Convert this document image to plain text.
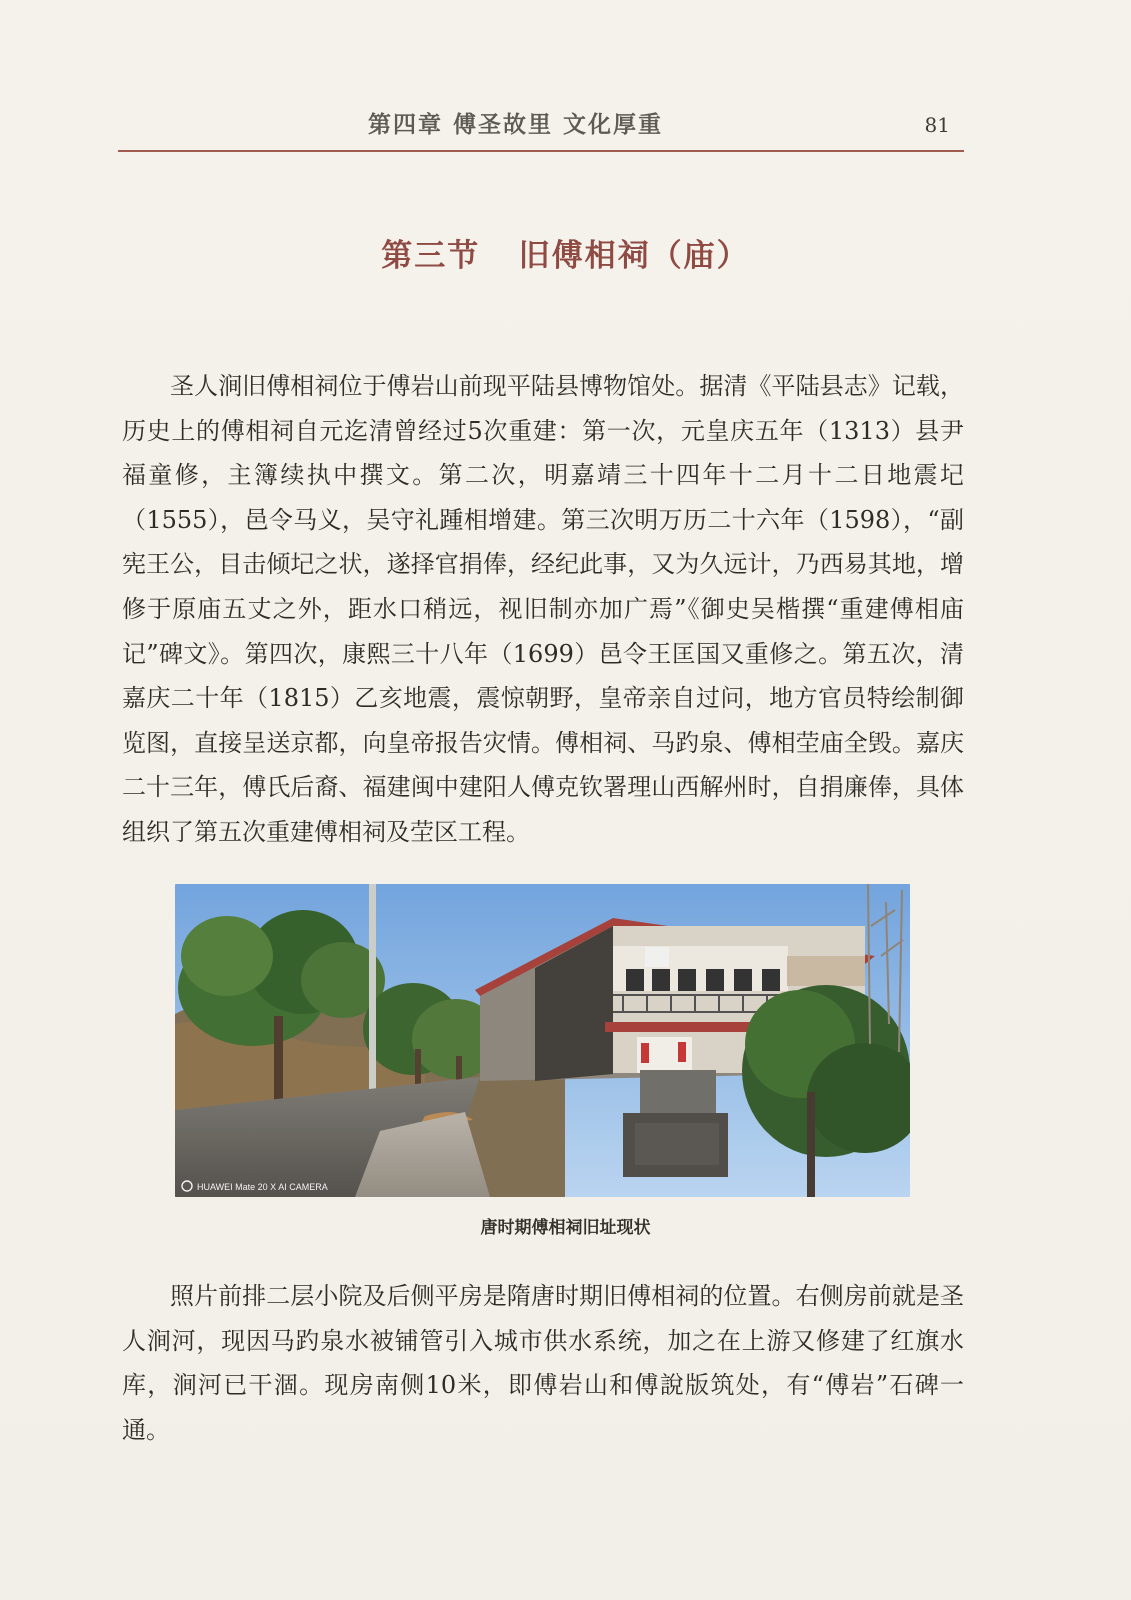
第四章 傅圣故里 文化厚重	81
第三节   旧傅相祠（庙）

圣人涧旧傅相祠位于傅岩山前现平陆县博物馆处。据清《平陆县志》记载，历史上的傅相祠自元迄清曾经过5次重建：第一次，元皇庆五年（1313）县尹福童修，主簿续执中撰文。第二次，明嘉靖三十四年十二月十二日地震圮（1555），邑令马义，吴守礼踵相增建。第三次明万历二十六年（1598），“副宪王公，目击倾圮之状，遂择官捐俸，经纪此事，又为久远计，乃西易其地，增修于原庙五丈之外，距水口稍远，视旧制亦加广焉”《御史吴楷撰“重建傅相庙记”碑文》。第四次，康熙三十八年（1699）邑令王匡国又重修之。第五次，清嘉庆二十年（1815）乙亥地震，震惊朝野，皇帝亲自过问，地方官员特绘制御览图，直接呈送京都，向皇帝报告灾情。傅相祠、马趵泉、傅相茔庙全毁。嘉庆二十三年，傅氏后裔、福建闽中建阳人傅克钦署理山西解州时，自捐廉俸，具体组织了第五次重建傅相祠及茔区工程。

HUAWEI Mate 20 X AI CAMERA
唐时期傅相祠旧址现状

照片前排二层小院及后侧平房是隋唐时期旧傅相祠的位置。右侧房前就是圣人涧河，现因马趵泉水被铺管引入城市供水系统，加之在上游又修建了红旗水库，涧河已干涸。现房南侧10米，即傅岩山和傅說版筑处，有“傅岩”石碑一通。
